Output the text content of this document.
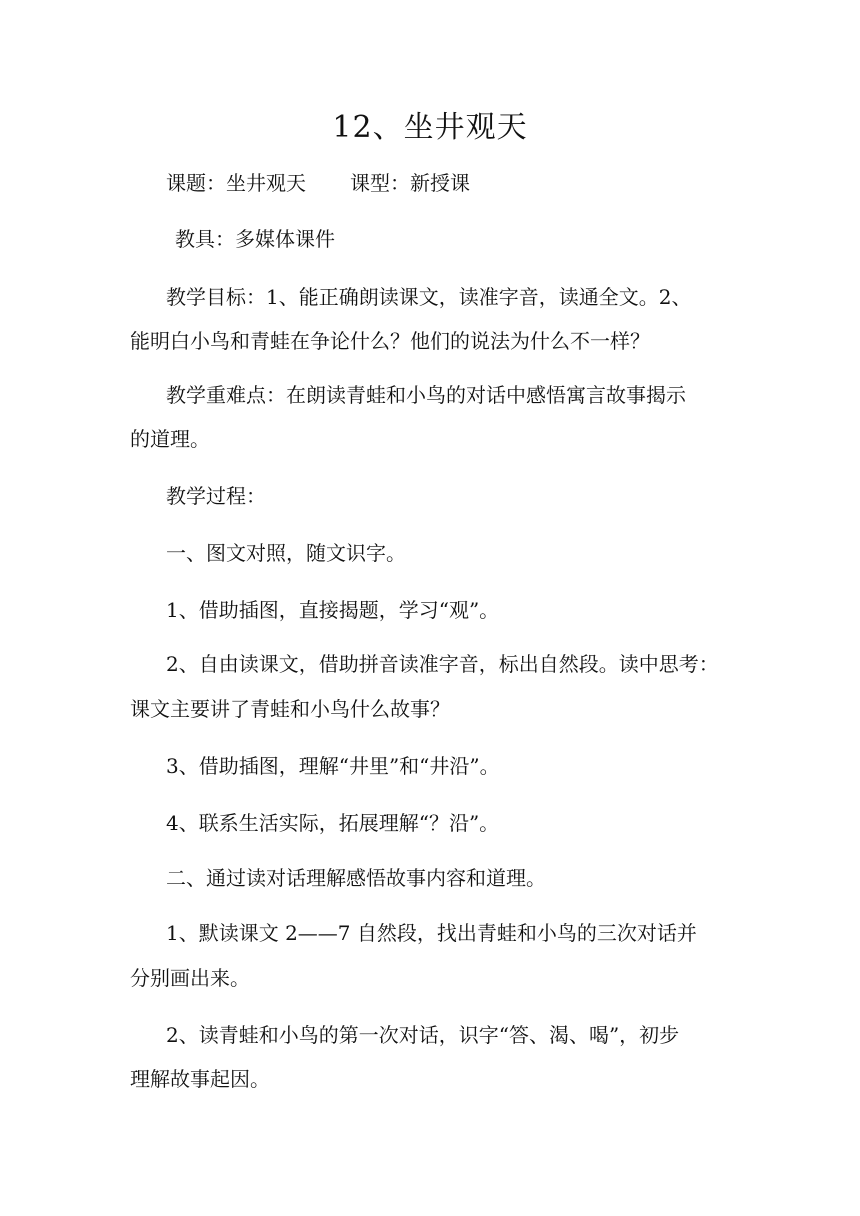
12、坐井观天
课题：坐井观天 课型：新授课
教具：多媒体课件
教学目标：1、能正确朗读课文，读准字音，读通全文。2、
能明白小鸟和青蛙在争论什么？他们的说法为什么不一样？
教学重难点：在朗读青蛙和小鸟的对话中感悟寓言故事揭示
的道理。
教学过程：
一、图文对照，随文识字。
1、借助插图，直接揭题，学习“观”。
2、自由读课文，借助拼音读准字音，标出自然段。读中思考：
课文主要讲了青蛙和小鸟什么故事？
3、借助插图，理解“井里”和“井沿”。
4、联系生活实际，拓展理解“？沿”。
二、通过读对话理解感悟故事内容和道理。
1、默读课文 2——7 自然段，找出青蛙和小鸟的三次对话并
分别画出来。
2、读青蛙和小鸟的第一次对话，识字“答、渴、喝”，初步
理解故事起因。
